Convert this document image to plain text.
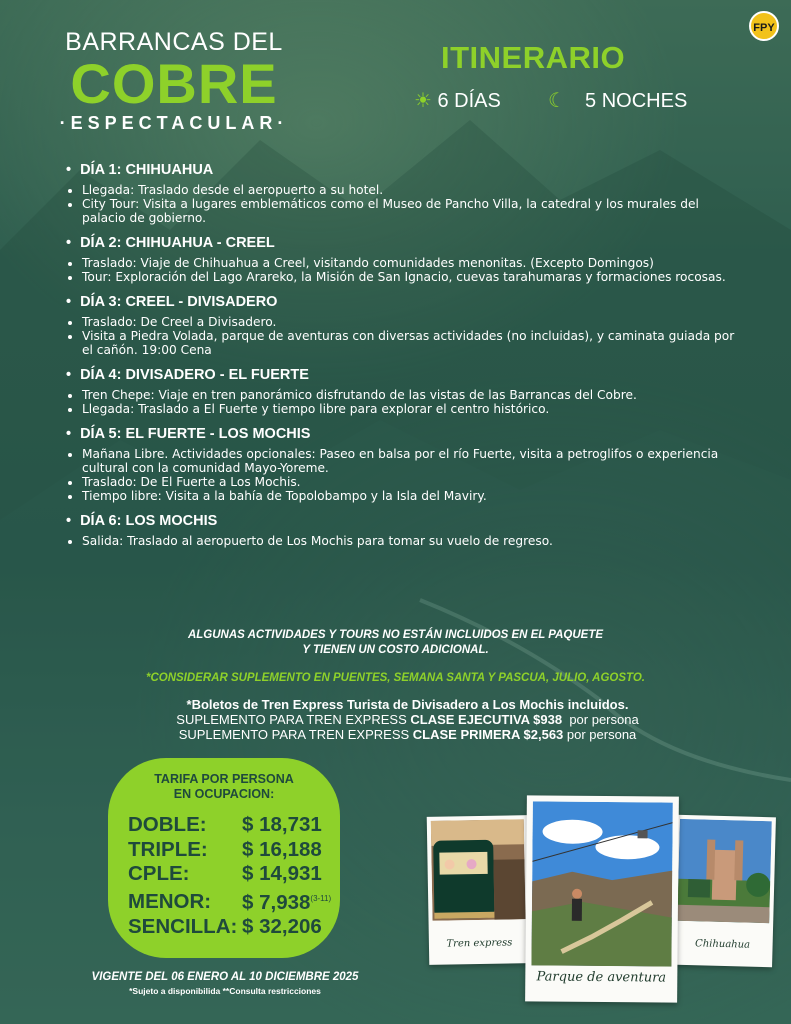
FPY
BARRANCAS DEL
COBRE
·ESPECTACULAR·
ITINERARIO
☀ 6 DÍAS ☾ 5 NOCHES
• DÍA 1: CHIHUAHUA
• Llegada: Traslado desde el aeropuerto a su hotel.
• City Tour: Visita a lugares emblemáticos como el Museo de Pancho Villa, la catedral y los murales del palacio de gobierno.
• DÍA 2: CHIHUAHUA - CREEL
• Traslado: Viaje de Chihuahua a Creel, visitando comunidades menonitas. (Excepto Domingos)
• Tour: Exploración del Lago Arareko, la Misión de San Ignacio, cuevas tarahumaras y formaciones rocosas.
• DÍA 3: CREEL - DIVISADERO
• Traslado: De Creel a Divisadero.
• Visita a Piedra Volada, parque de aventuras con diversas actividades (no incluidas), y caminata guiada por el cañón. 19:00 Cena
• DÍA 4: DIVISADERO - EL FUERTE
• Tren Chepe: Viaje en tren panorámico disfrutando de las vistas de las Barrancas del Cobre.
• Llegada: Traslado a El Fuerte y tiempo libre para explorar el centro histórico.
• DÍA 5: EL FUERTE - LOS MOCHIS
• Mañana Libre. Actividades opcionales: Paseo en balsa por el río Fuerte, visita a petroglifos o experiencia cultural con la comunidad Mayo-Yoreme.
• Traslado: De El Fuerte a Los Mochis.
• Tiempo libre: Visita a la bahía de Topolobampo y la Isla del Maviry.
• DÍA 6: LOS MOCHIS
• Salida: Traslado al aeropuerto de Los Mochis para tomar su vuelo de regreso.
ALGUNAS ACTIVIDADES Y TOURS NO ESTÁN INCLUIDOS EN EL PAQUETE Y TIENEN UN COSTO ADICIONAL.
*CONSIDERAR SUPLEMENTO EN PUENTES, SEMANA SANTA Y PASCUA, JULIO, AGOSTO.
*Boletos de Tren Express Turista de Divisadero a Los Mochis incluidos.
SUPLEMENTO PARA TREN EXPRESS CLASE EJECUTIVA $938  por persona
SUPLEMENTO PARA TREN EXPRESS CLASE PRIMERA $2,563 por persona
TARIFA POR PERSONA EN OCUPACION:
DOBLE: $ 18,731
TRIPLE: $ 16,188
CPLE:	$ 14,931
MENOR: $ 7,938$^{(3-11)}$
SENCILLA: $ 32,206
VIGENTE DEL 06 ENERO AL 10 DICIEMBRE 2025
*Sujeto a disponibilida **Consulta restricciones
Tren express	Chihuahua
Parque de aventura
